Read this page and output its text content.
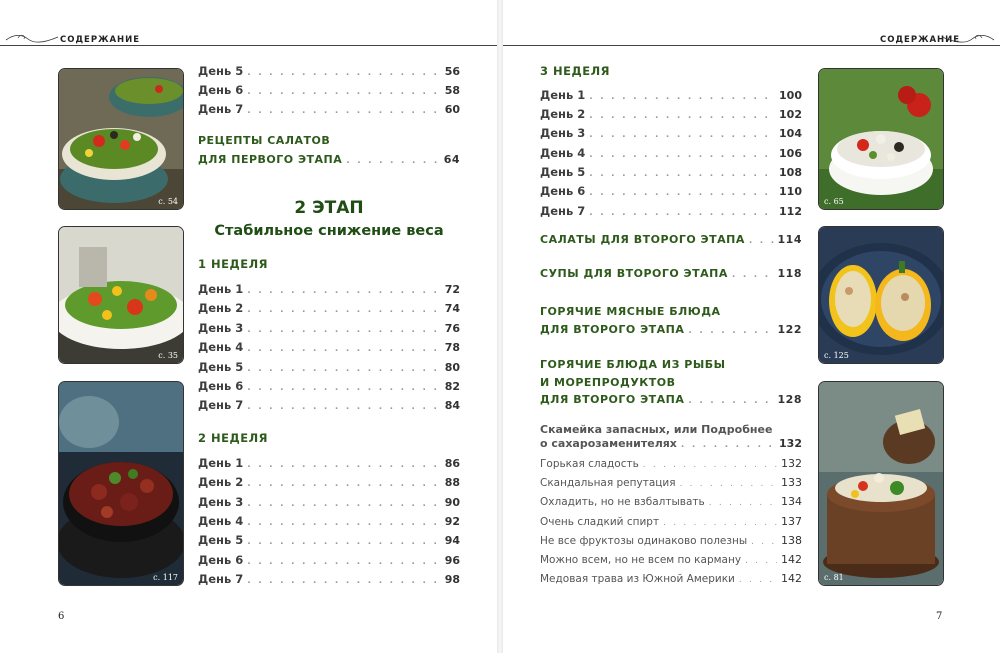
СОДЕРЖАНИЕ	СОДЕРЖАНИЕ
с. 54
с. 35
с. 117
День 5 . . .	56
День 6 . . .	58
День 7 . . .	60
РЕЦЕПТЫ САЛАТОВ
ДЛЯ ПЕРВОГО ЭТАПА . . .	64
2 ЭТАП
Стабильное снижение веса
1 НЕДЕЛЯ
День 1 . . .	72
День 2 . . .	74
День 3 . . .	76
День 4 . . .	78
День 5 . . .	80
День 6 . . .	82
День 7 . . .	84
2 НЕДЕЛЯ
День 1 . . .	86
День 2 . . .	88
День 3 . . .	90
День 4 . . .	92
День 5 . . .	94
День 6 . . .	96
День 7 . . .	98
6
3 НЕДЕЛЯ
День 1 . . .	100
День 2 . . .	102
День 3 . . .	104
День 4 . . .	106
День 5 . . .	108
День 6 . . .	110
День 7 . . .	112
САЛАТЫ ДЛЯ ВТОРОГО ЭТАПА . . .	114
СУПЫ ДЛЯ ВТОРОГО ЭТАПА . . .	118
ГОРЯЧИЕ МЯСНЫЕ БЛЮДА
ДЛЯ ВТОРОГО ЭТАПА . . .	122
ГОРЯЧИЕ БЛЮДА ИЗ РЫБЫ
И МОРЕПРОДУКТОВ
ДЛЯ ВТОРОГО ЭТАПА . . .	128
Скамейка запасных, или Подробнее
о сахарозаменителях . . .	132
Горькая сладость . . .	132
Скандальная репутация . . .	133
Охладить, но не взбалтывать . . .	134
Очень сладкий спирт . . .	137
Не все фруктозы одинаково полезны . . .	138
Можно всем, но не всем по карману . . .	142
Медовая трава из Южной Америки . . .	142
с. 65
с. 125
с. 81
7
